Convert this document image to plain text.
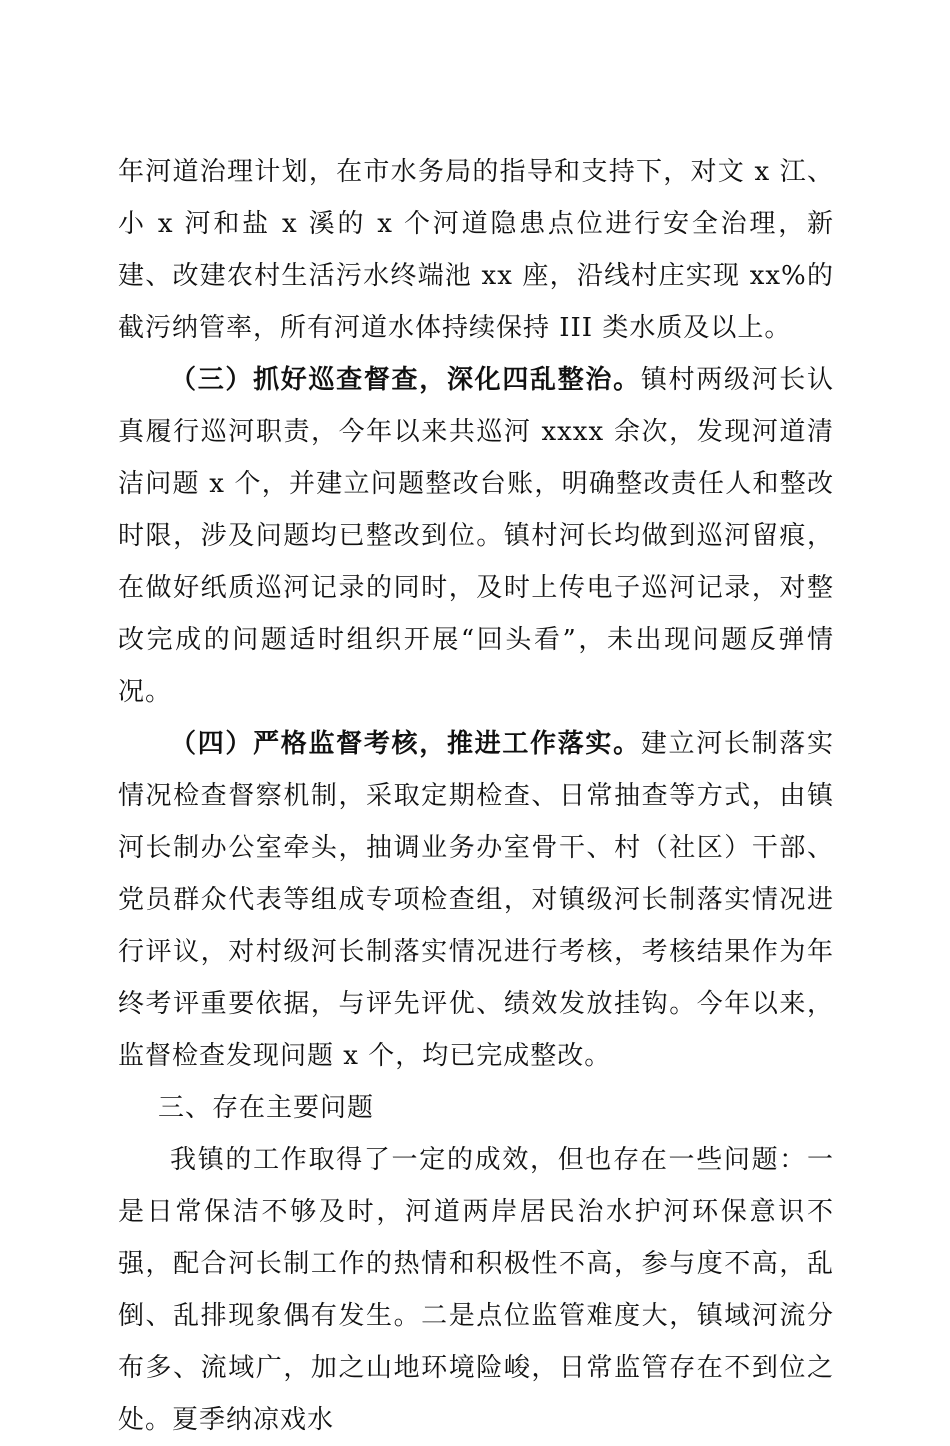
年河道治理计划，在市水务局的指导和支持下，对文 x 江、小 x 河和盐 x 溪的 x 个河道隐患点位进行安全治理，新建、改建农村生活污水终端池 xx 座，沿线村庄实现 xx%的截污纳管率，所有河道水体持续保持 III 类水质及以上。

（三）抓好巡查督查，深化四乱整治。镇村两级河长认真履行巡河职责，今年以来共巡河 xxxx 余次，发现河道清洁问题 x 个，并建立问题整改台账，明确整改责任人和整改时限，涉及问题均已整改到位。镇村河长均做到巡河留痕，在做好纸质巡河记录的同时，及时上传电子巡河记录，对整改完成的问题适时组织开展“回头看”，未出现问题反弹情况。

（四）严格监督考核，推进工作落实。建立河长制落实情况检查督察机制，采取定期检查、日常抽查等方式，由镇河长制办公室牵头，抽调业务办室骨干、村（社区）干部、党员群众代表等组成专项检查组，对镇级河长制落实情况进行评议，对村级河长制落实情况进行考核，考核结果作为年终考评重要依据，与评先评优、绩效发放挂钩。今年以来，监督检查发现问题 x 个，均已完成整改。

三、存在主要问题

我镇的工作取得了一定的成效，但也存在一些问题：一是日常保洁不够及时，河道两岸居民治水护河环保意识不强，配合河长制工作的热情和积极性不高，参与度不高，乱倒、乱排现象偶有发生。二是点位监管难度大，镇域河流分布多、流域广，加之山地环境险峻，日常监管存在不到位之处。夏季纳凉戏水
